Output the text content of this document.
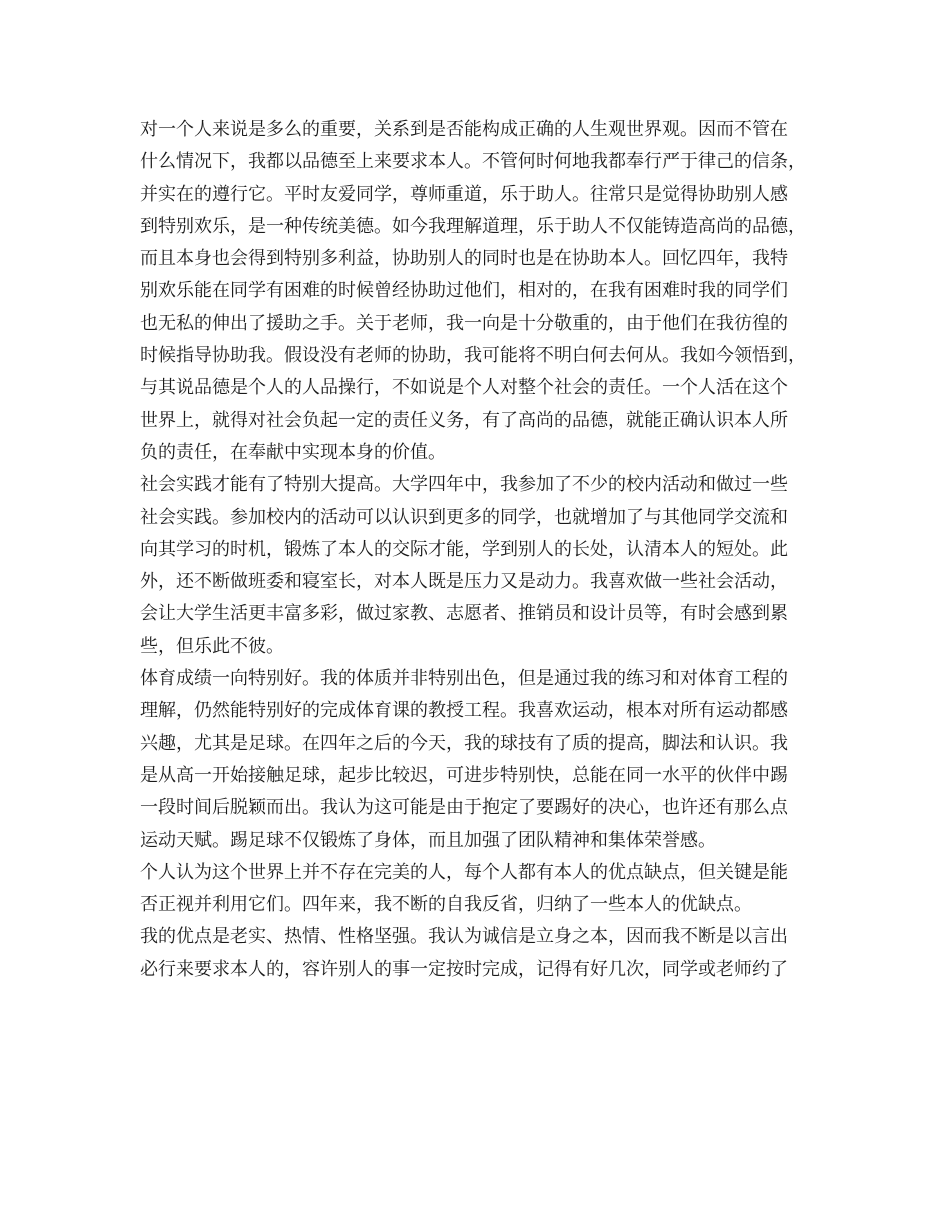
对一个人来说是多么的重要，关系到是否能构成正确的人生观世界观。因而不管在
什么情况下，我都以品德至上来要求本人。不管何时何地我都奉行严于律己的信条，
并实在的遵行它。平时友爱同学，尊师重道，乐于助人。往常只是觉得协助别人感
到特别欢乐，是一种传统美德。如今我理解道理，乐于助人不仅能铸造高尚的品德，
而且本身也会得到特别多利益，协助别人的同时也是在协助本人。回忆四年，我特
别欢乐能在同学有困难的时候曾经协助过他们，相对的，在我有困难时我的同学们
也无私的伸出了援助之手。关于老师，我一向是十分敬重的，由于他们在我彷徨的
时候指导协助我。假设没有老师的协助，我可能将不明白何去何从。我如今领悟到，
与其说品德是个人的人品操行，不如说是个人对整个社会的责任。一个人活在这个
世界上，就得对社会负起一定的责任义务，有了高尚的品德，就能正确认识本人所
负的责任，在奉献中实现本身的价值。
社会实践才能有了特别大提高。大学四年中，我参加了不少的校内活动和做过一些
社会实践。参加校内的活动可以认识到更多的同学，也就增加了与其他同学交流和
向其学习的时机，锻炼了本人的交际才能，学到别人的长处，认清本人的短处。此
外，还不断做班委和寝室长，对本人既是压力又是动力。我喜欢做一些社会活动，
会让大学生活更丰富多彩，做过家教、志愿者、推销员和设计员等，有时会感到累
些，但乐此不彼。
体育成绩一向特别好。我的体质并非特别出色，但是通过我的练习和对体育工程的
理解，仍然能特别好的完成体育课的教授工程。我喜欢运动，根本对所有运动都感
兴趣，尤其是足球。在四年之后的今天，我的球技有了质的提高，脚法和认识。我
是从高一开始接触足球，起步比较迟，可进步特别快，总能在同一水平的伙伴中踢
一段时间后脱颖而出。我认为这可能是由于抱定了要踢好的决心，也许还有那么点
运动天赋。踢足球不仅锻炼了身体，而且加强了团队精神和集体荣誉感。
个人认为这个世界上并不存在完美的人，每个人都有本人的优点缺点，但关键是能
否正视并利用它们。四年来，我不断的自我反省，归纳了一些本人的优缺点。
我的优点是老实、热情、性格坚强。我认为诚信是立身之本，因而我不断是以言出
必行来要求本人的，容许别人的事一定按时完成，记得有好几次，同学或老师约了
